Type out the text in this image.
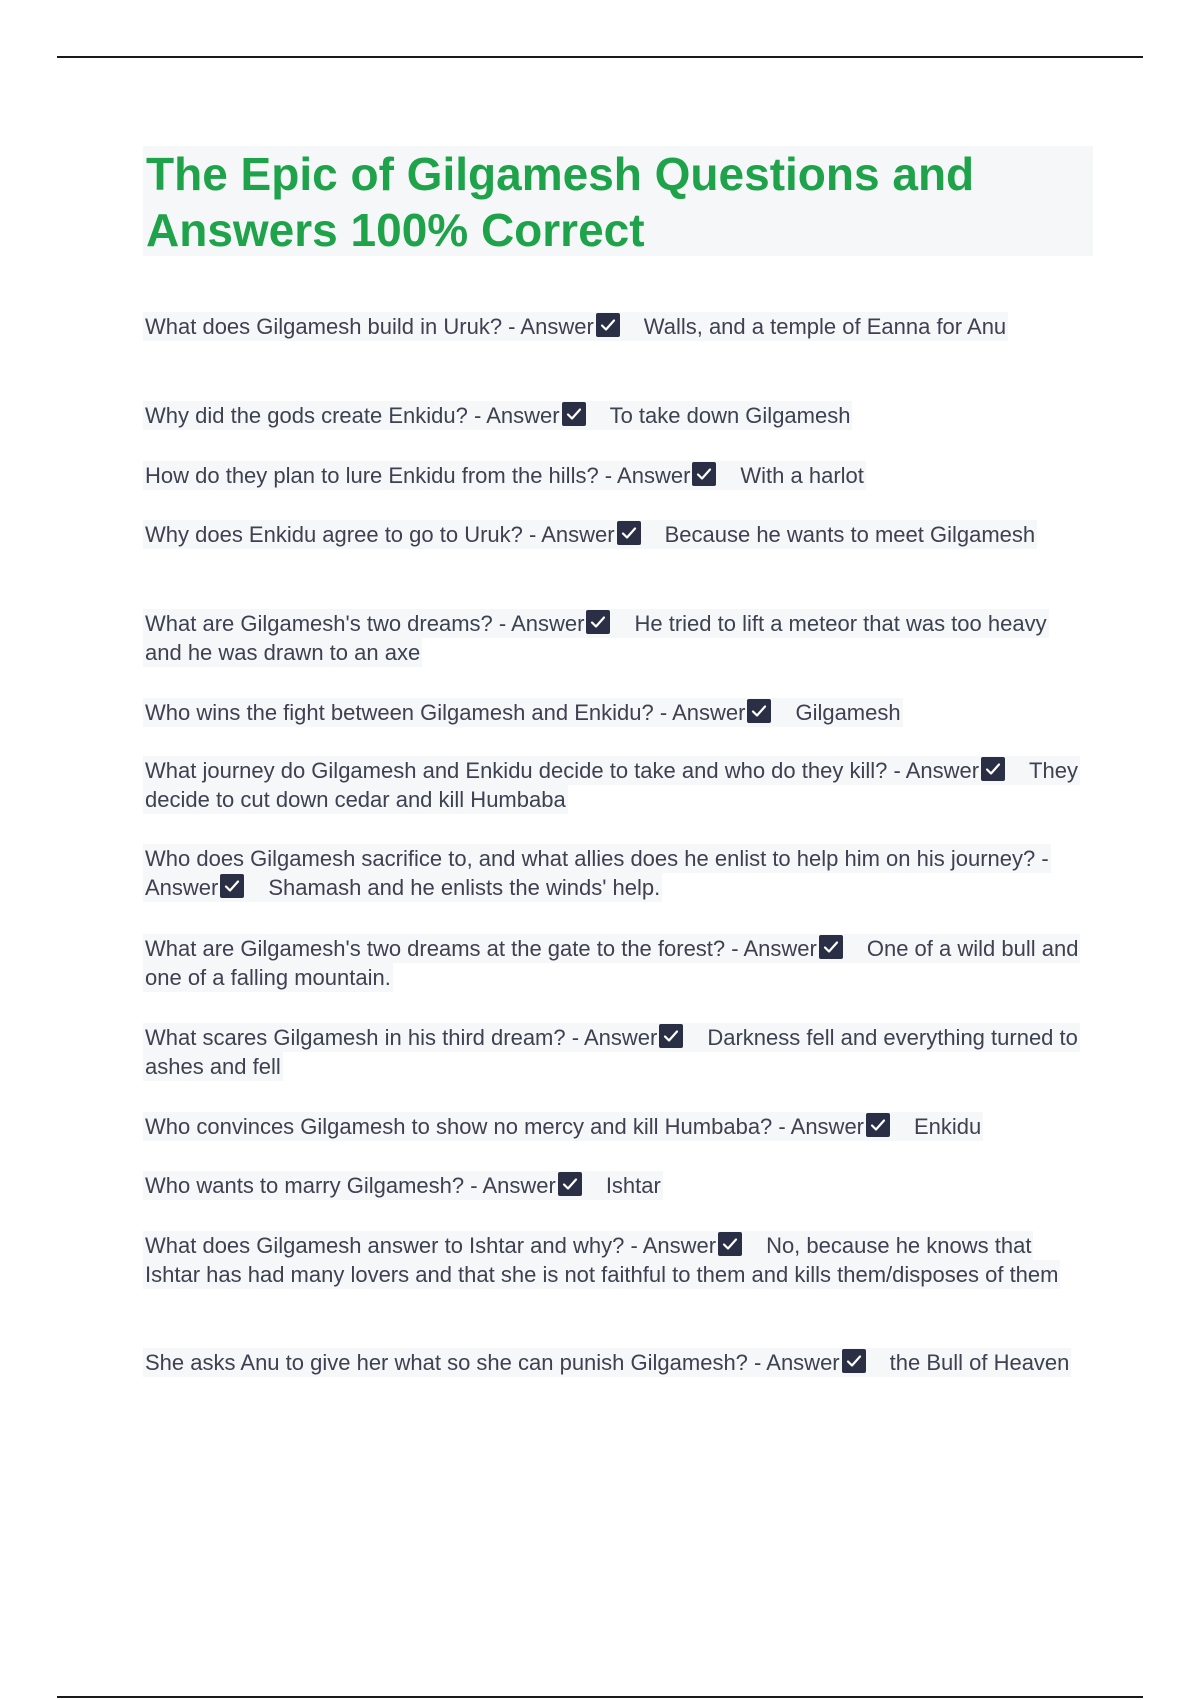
The Epic of Gilgamesh Questions and Answers 100% Correct

What does Gilgamesh build in Uruk? - Answer Walls, and a temple of Eanna for Anu

Why did the gods create Enkidu? - Answer To take down Gilgamesh

How do they plan to lure Enkidu from the hills? - Answer With a harlot

Why does Enkidu agree to go to Uruk? - Answer Because he wants to meet Gilgamesh

What are Gilgamesh's two dreams? - Answer He tried to lift a meteor that was too heavy and he was drawn to an axe

Who wins the fight between Gilgamesh and Enkidu? - Answer Gilgamesh

What journey do Gilgamesh and Enkidu decide to take and who do they kill? - Answer They decide to cut down cedar and kill Humbaba

Who does Gilgamesh sacrifice to, and what allies does he enlist to help him on his journey? - Answer Shamash and he enlists the winds' help.

What are Gilgamesh's two dreams at the gate to the forest? - Answer One of a wild bull and one of a falling mountain.

What scares Gilgamesh in his third dream? - Answer Darkness fell and everything turned to ashes and fell

Who convinces Gilgamesh to show no mercy and kill Humbaba? - Answer Enkidu

Who wants to marry Gilgamesh? - Answer Ishtar

What does Gilgamesh answer to Ishtar and why? - Answer No, because he knows that Ishtar has had many lovers and that she is not faithful to them and kills them/disposes of them

She asks Anu to give her what so she can punish Gilgamesh? - Answer the Bull of Heaven
